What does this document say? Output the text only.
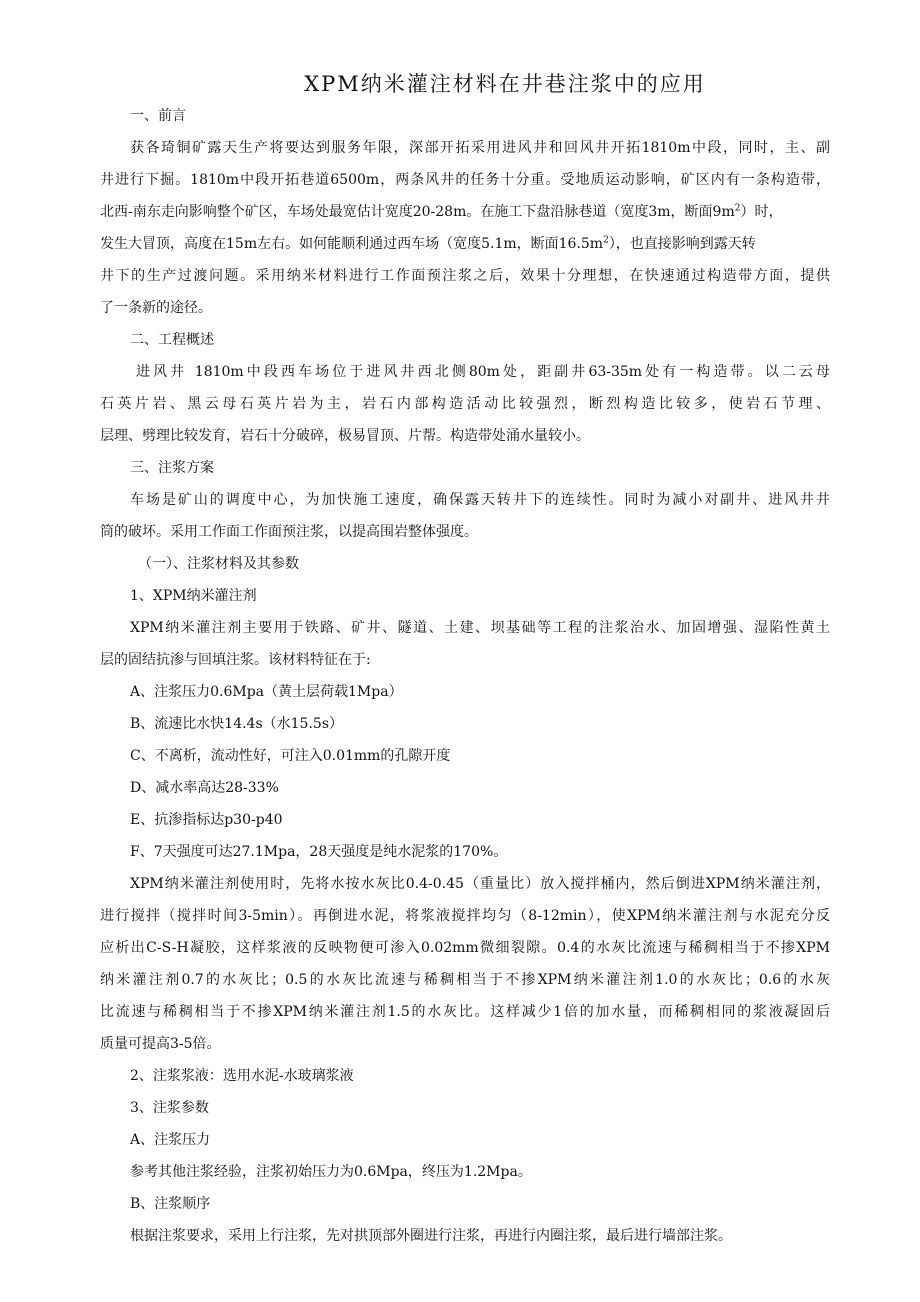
XPM纳米灌注材料在井巷注浆中的应用
一、前言
获各琦铜矿露天生产将要达到服务年限，深部开拓采用进风井和回风井开拓1810m中段，同时，主、副
井进行下掘。1810m中段开拓巷道6500m，两条风井的任务十分重。受地质运动影响，矿区内有一条构造带，
北西-南东走向影响整个矿区，车场处最宽估计宽度20-28m。在施工下盘沿脉巷道（宽度3m，断面$9m^2$）时，
发生大冒顶，高度在15m左右。如何能顺利通过西车场（宽度5.1m，断面$16.5m^2$），也直接影响到露天转
井下的生产过渡问题。采用纳米材料进行工作面预注浆之后，效果十分理想，在快速通过构造带方面，提供
了一条新的途径。
二、工程概述
进风井 1810m中段西车场位于进风井西北侧80m处，距副井63-35m处有一构造带。以二云母
石英片岩、黑云母石英片岩为主，岩石内部构造活动比较强烈，断烈构造比较多，使岩石节理、
层理、劈理比较发育，岩石十分破碎，极易冒顶、片帮。构造带处涌水量较小。
三、注浆方案
车场是矿山的调度中心，为加快施工速度，确保露天转井下的连续性。同时为减小对副井、进风井井
筒的破坏。采用工作面工作面预注浆，以提高围岩整体强度。
（一）、注浆材料及其参数
1、XPM纳米灌注剂
XPM纳米灌注剂主要用于铁路、矿井、隧道、土建、坝基础等工程的注浆治水、加固增强、湿陷性黄土
层的固结抗渗与回填注浆。该材料特征在于:
A、注浆压力0.6Mpa（黄土层荷载1Mpa）
B、流速比水快14.4s（水15.5s）
C、不离析，流动性好，可注入0.01mm的孔隙开度
D、减水率高达28-33%
E、抗渗指标达p30-p40
F、7天强度可达27.1Mpa，28天强度是纯水泥浆的170%。
XPM纳米灌注剂使用时，先将水按水灰比0.4-0.45（重量比）放入搅拌桶内，然后倒进XPM纳米灌注剂，
进行搅拌（搅拌时间3-5min）。再倒进水泥，将浆液搅拌均匀（8-12min），使XPM纳米灌注剂与水泥充分反
应析出C-S-H凝胶，这样浆液的反映物便可渗入0.02mm微细裂隙。0.4的水灰比流速与稀稠相当于不掺XPM
纳米灌注剂0.7的水灰比；0.5的水灰比流速与稀稠相当于不掺XPM纳米灌注剂1.0的水灰比；0.6的水灰
比流速与稀稠相当于不掺XPM纳米灌注剂1.5的水灰比。这样减少1倍的加水量，而稀稠相同的浆液凝固后
质量可提高3-5倍。
2、注浆浆液：选用水泥-水玻璃浆液
3、注浆参数
A、注浆压力
参考其他注浆经验，注浆初始压力为0.6Mpa，终压为1.2Mpa。
B、注浆顺序
根据注浆要求，采用上行注浆，先对拱顶部外圈进行注浆，再进行内圈注浆，最后进行墙部注浆。
